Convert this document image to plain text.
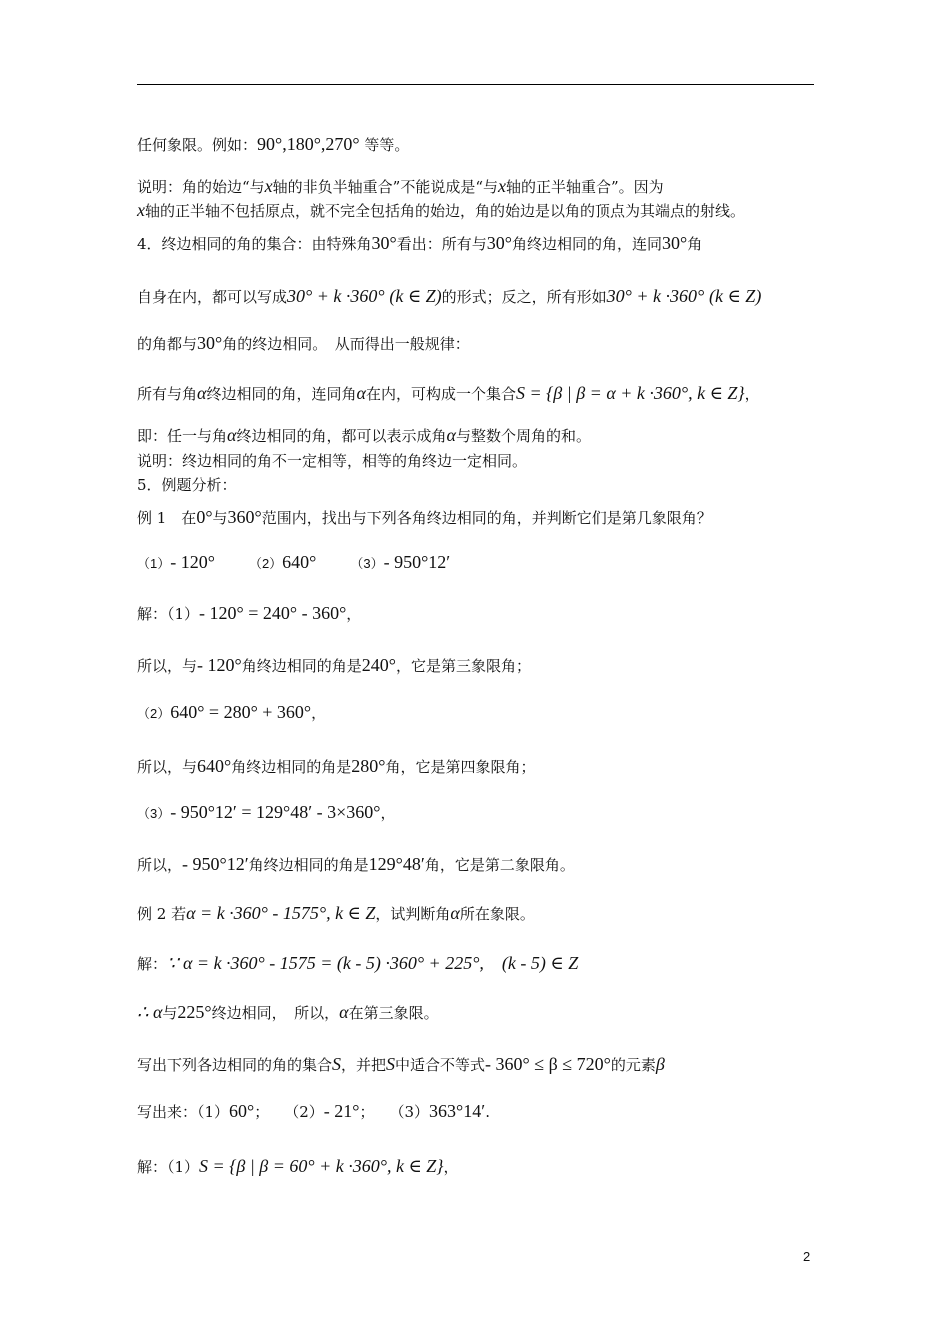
任何象限。例如：90°,180°,270° 等等。
说明：角的始边“与x轴的非负半轴重合”不能说成是“与x轴的正半轴重合”。因为
x轴的正半轴不包括原点，就不完全包括角的始边，角的始边是以角的顶点为其端点的射线。
4．终边相同的角的集合：由特殊角30°看出：所有与30°角终边相同的角，连同30°角
自身在内，都可以写成30° + k ·360° (k ∈ Z)的形式；反之，所有形如30° + k ·360° (k ∈ Z)
的角都与30°角的终边相同。　从而得出一般规律：
所有与角α终边相同的角，连同角α在内，可构成一个集合S = {β | β = α + k ·360°, k ∈ Z}，
即：任一与角α终边相同的角，都可以表示成角α与整数个周角的和。
说明：终边相同的角不一定相等，相等的角终边一定相同。
5．例题分析：
例 1　在0°与360°范围内，找出与下列各角终边相同的角，并判断它们是第几象限角？
（1）- 120°	（2）640°	（3）- 950°12′
解：（1）- 120° = 240° - 360°，
所以，与- 120°角终边相同的角是240°，它是第三象限角；
（2）640° = 280° + 360°，
所以，与640°角终边相同的角是280°角，它是第四象限角；
（3）- 950°12′ = 129°48′ - 3×360°，
所以，- 950°12′角终边相同的角是129°48′角，它是第二象限角。
例 2 若α = k ·360° - 1575°, k ∈ Z，试判断角α所在象限。
解：∵ α = k ·360° - 1575 = (k - 5) ·360° + 225°,　(k - 5) ∈ Z
∴ α与225°终边相同，　所以，α在第三象限。
写出下列各边相同的角的集合S，并把S中适合不等式- 360° ≤ β ≤ 720°的元素β
写出来：（1）60°；　　（2）- 21°；　　（3）363°14′.
解：（1）S = {β | β = 60° + k ·360°, k ∈ Z}，
2
